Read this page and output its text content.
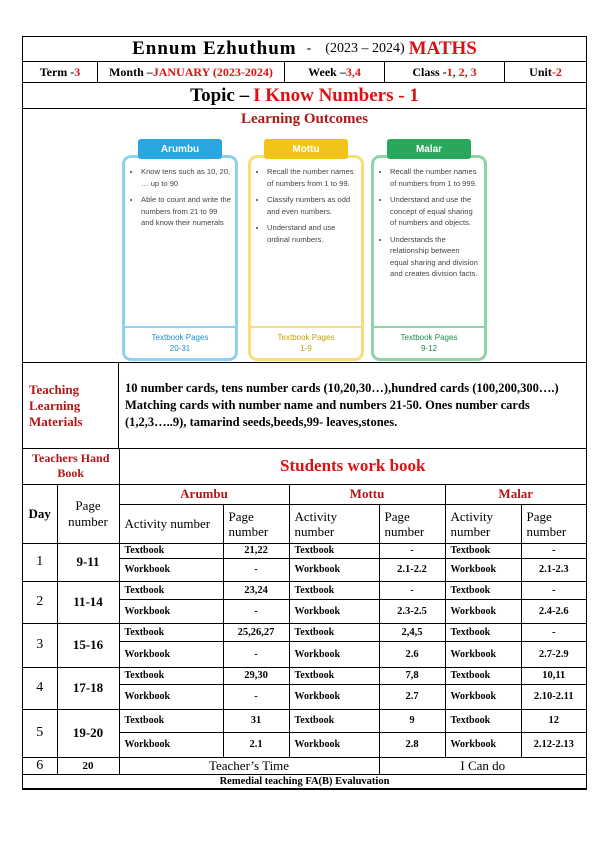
Ennum Ezhuthum - (2023 – 2024) MATHS
Term - 3 Month – JANUARY (2023-2024)	Week – 3,4	Class - 1, 2, 3	Unit -2
Topic – I Know Numbers - 1
Learning Outcomes
• Know tens such as 10, 20, … up to 90
• Able to count and write the numbers from 21 to 99 and know their numerals
Textbook Pages
20-31
Arumbu
• Recall the number names of numbers from 1 to 99.
• Classify numbers as odd and even numbers.
• Understand and use ordinal numbers.
Textbook Pages
1-9
Mottu
• Recall the number names of numbers from 1 to 999.
• Understand and use the concept of equal sharing of numbers and objects.
• Understands the relationship between equal sharing and division and creates division facts.
Textbook Pages
9-12
Malar
Teaching
Learning
Materials
10 number cards, tens number cards (10,20,30…),hundred cards (100,200,300….) Matching cards with number name and numbers 21-50. Ones number cards (1,2,3…..9), tamarind seeds,beeds,99- leaves,stones.
Teachers Hand Book		Students work book					
Day	Page number	Arumbu		Mottu		Malar	
		Activity number	Page number	Activity number	Page number	Activity number	Page number
1	9-11	Textbook	21,22	Textbook	-	Textbook	-
		Workbook	-	Workbook	2.1-2.2	Workbook	2.1-2.3
2	11-14	Textbook	23,24	Textbook	-	Textbook	-
		Workbook	-	Workbook	2.3-2.5	Workbook	2.4-2.6
3	15-16	Textbook	25,26,27	Textbook	2,4,5	Textbook	-
		Workbook	-	Workbook	2.6	Workbook	2.7-2.9
4	17-18	Textbook	29,30	Textbook	7,8	Textbook	10,11
		Workbook	-	Workbook	2.7	Workbook	2.10-2.11
5	19-20	Textbook	31	Textbook	9	Textbook	12
		Workbook	2.1	Workbook	2.8	Workbook	2.12-2.13
6	20	Teacher’s Time			I Can do		
Remedial teaching FA(B) Evaluvation							
